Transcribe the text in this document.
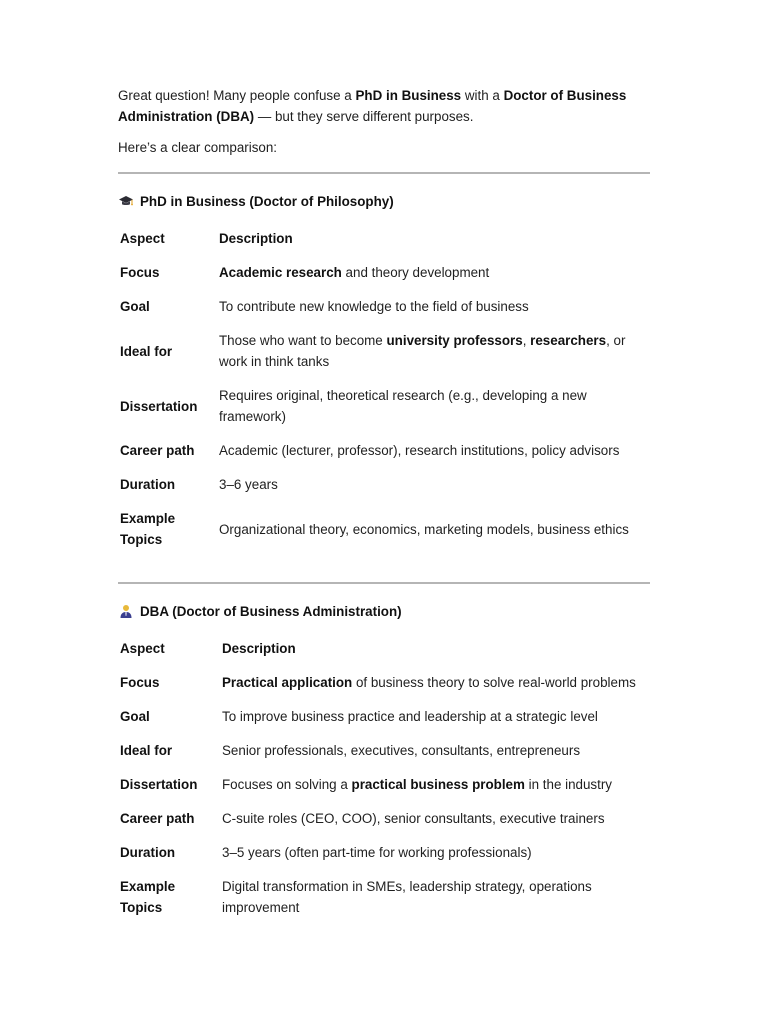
Great question! Many people confuse a PhD in Business with a Doctor of Business Administration (DBA) — but they serve different purposes.

Here’s a clear comparison:

PhD in Business (Doctor of Philosophy)
Aspect	Description
Focus	Academic research and theory development
Goal	To contribute new knowledge to the field of business
Ideal for	Those who want to become university professors, researchers, or work in think tanks
Dissertation	Requires original, theoretical research (e.g., developing a new framework)
Career path	Academic (lecturer, professor), research institutions, policy advisors
Duration	3–6 years
Example Topics	Organizational theory, economics, marketing models, business ethics
DBA (Doctor of Business Administration)
Aspect	Description
Focus	Practical application of business theory to solve real-world problems
Goal	To improve business practice and leadership at a strategic level
Ideal for	Senior professionals, executives, consultants, entrepreneurs
Dissertation	Focuses on solving a practical business problem in the industry
Career path	C-suite roles (CEO, COO), senior consultants, executive trainers
Duration	3–5 years (often part-time for working professionals)
Example Topics	Digital transformation in SMEs, leadership strategy, operations improvement
